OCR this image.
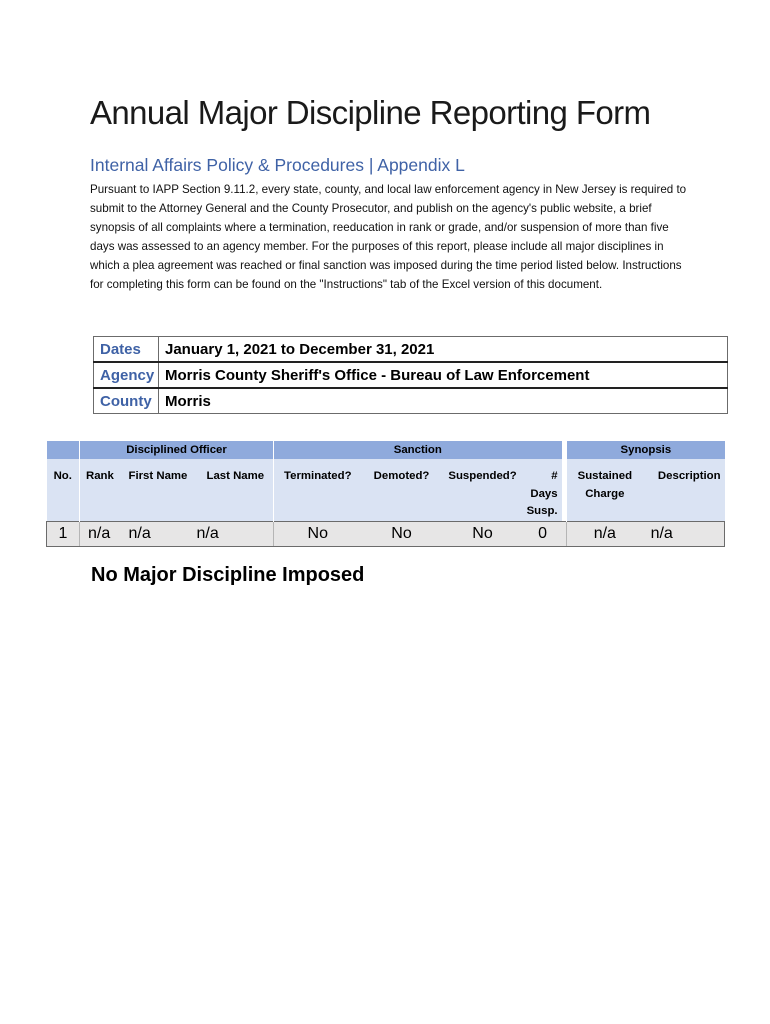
Annual Major Discipline Reporting Form
Internal Affairs Policy & Procedures | Appendix L
Pursuant to IAPP Section 9.11.2, every state, county, and local law enforcement agency in New Jersey is required to submit to the Attorney General and the County Prosecutor, and publish on the agency's public website, a brief synopsis of all complaints where a termination, reeducation in rank or grade, and/or suspension of more than five days was assessed to an agency member. For the purposes of this report, please include all major disciplines in which a plea agreement was reached or final sanction was imposed during the time period listed below. Instructions for completing this form can be found on the "Instructions" tab of the Excel version of this document.
Dates	January 1, 2021 to December 31, 2021
Agency	Morris County Sheriff's Office - Bureau of Law Enforcement
County	Morris
	Disciplined Officer			Sanction					Synopsis	
No.	Rank	First Name	Last Name	Terminated?	Demoted?	Suspended?	# Days Susp.		Sustained Charge	Description
1	n/a	n/a	n/a	No	No	No	0		n/a	n/a
No Major Discipline Imposed
